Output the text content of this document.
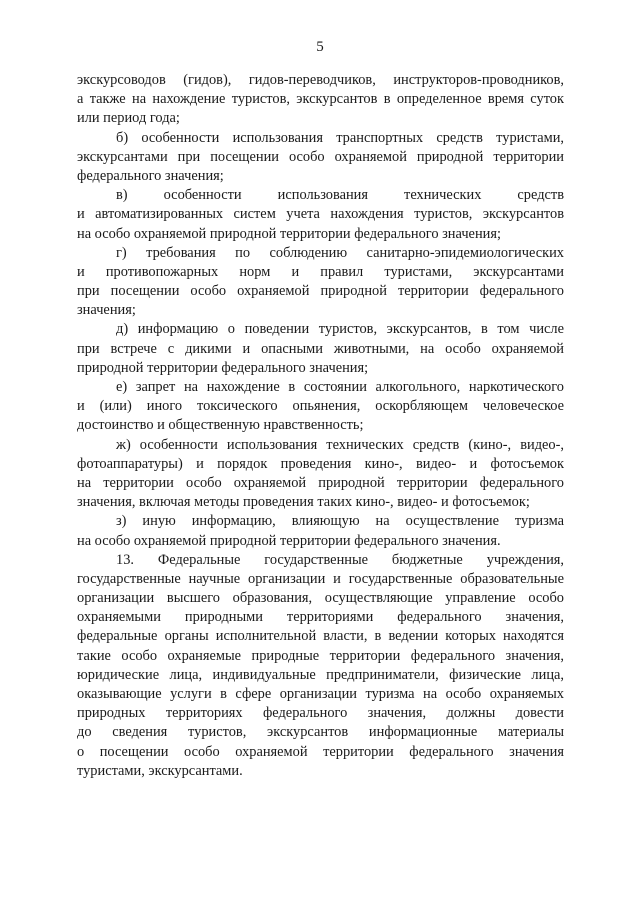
5
экскурсоводов (гидов), гидов-переводчиков, инструкторов-проводников,
а также на нахождение туристов, экскурсантов в определенное время суток
или период года;
б) особенности использования транспортных средств туристами,
экскурсантами при посещении особо охраняемой природной территории
федерального значения;
в) особенности использования технических средств
и автоматизированных систем учета нахождения туристов, экскурсантов
на особо охраняемой природной территории федерального значения;
г) требования по соблюдению санитарно-эпидемиологических
и противопожарных норм и правил туристами, экскурсантами
при посещении особо охраняемой природной территории федерального
значения;
д) информацию о поведении туристов, экскурсантов, в том числе
при встрече с дикими и опасными животными, на особо охраняемой
природной территории федерального значения;
е) запрет на нахождение в состоянии алкогольного, наркотического
и (или) иного токсического опьянения, оскорбляющем человеческое
достоинство и общественную нравственность;
ж) особенности использования технических средств (кино-, видео-,
фотоаппаратуры) и порядок проведения кино-, видео- и фотосъемок
на территории особо охраняемой природной территории федерального
значения, включая методы проведения таких кино-, видео- и фотосъемок;
з) иную информацию, влияющую на осуществление туризма
на особо охраняемой природной территории федерального значения.
13. Федеральные государственные бюджетные учреждения,
государственные научные организации и государственные образовательные
организации высшего образования, осуществляющие управление особо
охраняемыми природными территориями федерального значения,
федеральные органы исполнительной власти, в ведении которых находятся
такие особо охраняемые природные территории федерального значения,
юридические лица, индивидуальные предприниматели, физические лица,
оказывающие услуги в сфере организации туризма на особо охраняемых
природных территориях федерального значения, должны довести
до сведения туристов, экскурсантов информационные материалы
о посещении особо охраняемой территории федерального значения
туристами, экскурсантами.
